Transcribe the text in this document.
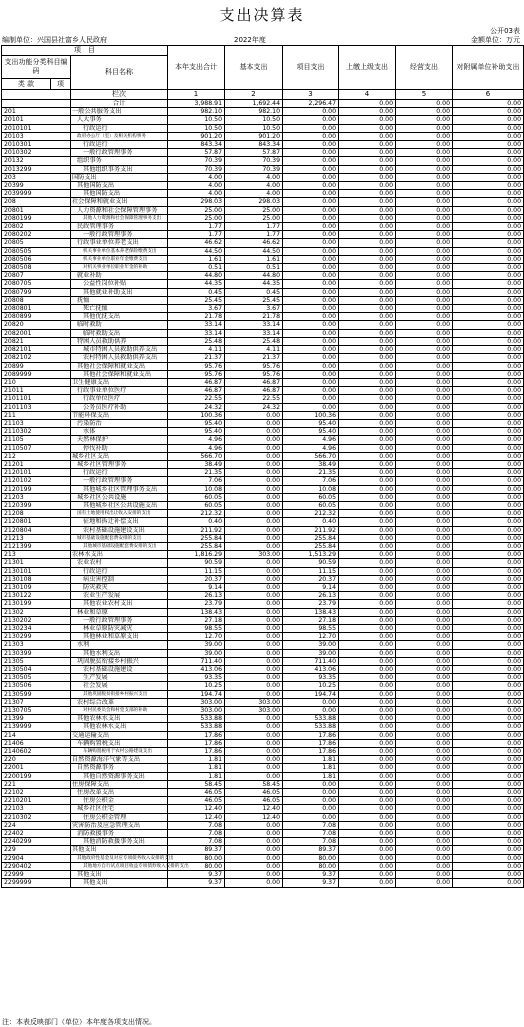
支出决算表
公开03表
编制单位：兴国县社富乡人民政府	2022年度	金额单位：万元
项　目			本年支出合计	基本支出	项目支出	上缴上级支出	经营支出	对附属单位补助支出
支出功能分类科目编码		科目名称						
类 款	项							
		栏次	1	2	3	4	5	6
		合计	3,988.91	1,692.44	2,296.47	0.00	0.00	0.00
201		一般公共服务支出	982.10	982.10	0.00	0.00	0.00	0.00
20101		人大事务	10.50	10.50	0.00	0.00	0.00	0.00
2010101		行政运行	10.50	10.50	0.00	0.00	0.00	0.00
20103		政府办公厅（室）及相关机构事务	901.20	901.20	0.00	0.00	0.00	0.00
2010301		行政运行	843.34	843.34	0.00	0.00	0.00	0.00
2010302		一般行政管理事务	57.87	57.87	0.00	0.00	0.00	0.00
20132		组织事务	70.39	70.39	0.00	0.00	0.00	0.00
2013299		其他组织事务支出	70.39	70.39	0.00	0.00	0.00	0.00
203		国防支出	4.00	4.00	0.00	0.00	0.00	0.00
20399		其他国防支出	4.00	4.00	0.00	0.00	0.00	0.00
2039999		其他国防支出	4.00	4.00	0.00	0.00	0.00	0.00
208		社会保障和就业支出	298.03	298.03	0.00	0.00	0.00	0.00
20801		人力资源和社会保障管理事务	25.00	25.00	0.00	0.00	0.00	0.00
2080199		其他人力资源和社会保障管理事务支出	25.00	25.00	0.00	0.00	0.00	0.00
20802		民政管理事务	1.77	1.77	0.00	0.00	0.00	0.00
2080202		一般行政管理事务	1.77	1.77	0.00	0.00	0.00	0.00
20805		行政事业单位养老支出	46.62	46.62	0.00	0.00	0.00	0.00
2080505		机关事业单位基本养老保险缴费支出	44.50	44.50	0.00	0.00	0.00	0.00
2080506		机关事业单位职业年金缴费支出	1.61	1.61	0.00	0.00	0.00	0.00
2080508		对机关事业单位职业年金的补助	0.51	0.51	0.00	0.00	0.00	0.00
20807		就业补助	44.80	44.80	0.00	0.00	0.00	0.00
2080705		公益性岗位补贴	44.35	44.35	0.00	0.00	0.00	0.00
2080799		其他就业补助支出	0.45	0.45	0.00	0.00	0.00	0.00
20808		抚恤	25.45	25.45	0.00	0.00	0.00	0.00
2080801		死亡抚恤	3.67	3.67	0.00	0.00	0.00	0.00
2080899		其他优抚支出	21.78	21.78	0.00	0.00	0.00	0.00
20820		临时救助	33.14	33.14	0.00	0.00	0.00	0.00
2082001		临时救助支出	33.14	33.14	0.00	0.00	0.00	0.00
20821		特困人员救助供养	25.48	25.48	0.00	0.00	0.00	0.00
2082101		城市特困人员救助供养支出	4.11	4.11	0.00	0.00	0.00	0.00
2082102		农村特困人员救助供养支出	21.37	21.37	0.00	0.00	0.00	0.00
20899		其他社会保障和就业支出	95.76	95.76	0.00	0.00	0.00	0.00
2089999		其他社会保障和就业支出	95.76	95.76	0.00	0.00	0.00	0.00
210		卫生健康支出	46.87	46.87	0.00	0.00	0.00	0.00
21011		行政事业单位医疗	46.87	46.87	0.00	0.00	0.00	0.00
2101101		行政单位医疗	22.55	22.55	0.00	0.00	0.00	0.00
2101103		公务员医疗补助	24.32	24.32	0.00	0.00	0.00	0.00
211		节能环保支出	100.36	0.00	100.36	0.00	0.00	0.00
21103		污染防治	95.40	0.00	95.40	0.00	0.00	0.00
2110302		水体	95.40	0.00	95.40	0.00	0.00	0.00
21105		天然林保护	4.96	0.00	4.96	0.00	0.00	0.00
2110507		停伐补助	4.96	0.00	4.96	0.00	0.00	0.00
212		城乡社区支出	566.70	0.00	566.70	0.00	0.00	0.00
21201		城乡社区管理事务	38.49	0.00	38.49	0.00	0.00	0.00
2120101		行政运行	21.35	0.00	21.35	0.00	0.00	0.00
2120102		一般行政管理事务	7.06	0.00	7.06	0.00	0.00	0.00
2120199		其他城乡社区管理事务支出	10.08	0.00	10.08	0.00	0.00	0.00
21203		城乡社区公共设施	60.05	0.00	60.05	0.00	0.00	0.00
2120399		其他城乡社区公共设施支出	60.05	0.00	60.05	0.00	0.00	0.00
21208		国有土地使用权出让收入安排的支出	212.32	0.00	212.32	0.00	0.00	0.00
2120801		征地和拆迁补偿支出	0.40	0.00	0.40	0.00	0.00	0.00
2120804		农村基础设施建设支出	211.92	0.00	211.92	0.00	0.00	0.00
21213		城市基础设施配套费安排的支出	255.84	0.00	255.84	0.00	0.00	0.00
2121399		其他城市基础设施配套费安排的支出	255.84	0.00	255.84	0.00	0.00	0.00
213		农林水支出	1,816.29	303.00	1,513.29	0.00	0.00	0.00
21301		农业农村	90.59	0.00	90.59	0.00	0.00	0.00
2130101		行政运行	11.15	0.00	11.15	0.00	0.00	0.00
2130108		病虫害控制	20.37	0.00	20.37	0.00	0.00	0.00
2130109		防灾救灾	9.14	0.00	9.14	0.00	0.00	0.00
2130122		农业生产发展	26.13	0.00	26.13	0.00	0.00	0.00
2130199		其他农业农村支出	23.79	0.00	23.79	0.00	0.00	0.00
21302		林业和草原	138.43	0.00	138.43	0.00	0.00	0.00
2130202		一般行政管理事务	27.18	0.00	27.18	0.00	0.00	0.00
2130234		林业草原防灾减灾	98.55	0.00	98.55	0.00	0.00	0.00
2130299		其他林业和草原支出	12.70	0.00	12.70	0.00	0.00	0.00
21303		水利	39.00	0.00	39.00	0.00	0.00	0.00
2130399		其他水利支出	39.00	0.00	39.00	0.00	0.00	0.00
21305		巩固脱贫衔接乡村振兴	711.40	0.00	711.40	0.00	0.00	0.00
2130504		农村基础设施建设	413.06	0.00	413.06	0.00	0.00	0.00
2130505		生产发展	93.35	0.00	93.35	0.00	0.00	0.00
2130506		社会发展	10.25	0.00	10.25	0.00	0.00	0.00
2130599		其他巩固脱贫衔接乡村振兴支出	194.74	0.00	194.74	0.00	0.00	0.00
21307		农村综合改革	303.00	303.00	0.00	0.00	0.00	0.00
2130705		对村民委员会和村党支部的补助	303.00	303.00	0.00	0.00	0.00	0.00
21399		其他农林水支出	533.88	0.00	533.88	0.00	0.00	0.00
2139999		其他农林水支出	533.88	0.00	533.88	0.00	0.00	0.00
214		交通运输支出	17.86	0.00	17.86	0.00	0.00	0.00
21406		车辆购置税支出	17.86	0.00	17.86	0.00	0.00	0.00
2140602		车辆购置税用于农村公路建设支出	17.86	0.00	17.86	0.00	0.00	0.00
220		自然资源海洋气象等支出	1.81	0.00	1.81	0.00	0.00	0.00
22001		自然资源事务	1.81	0.00	1.81	0.00	0.00	0.00
2200199		其他自然资源事务支出	1.81	0.00	1.81	0.00	0.00	0.00
221		住房保障支出	58.45	58.45	0.00	0.00	0.00	0.00
22102		住房改革支出	46.05	46.05	0.00	0.00	0.00	0.00
2210201		住房公积金	46.05	46.05	0.00	0.00	0.00	0.00
22103		城乡社区住宅	12.40	12.40	0.00	0.00	0.00	0.00
2210302		住房公积金管理	12.40	12.40	0.00	0.00	0.00	0.00
224		灾害防治及应急管理支出	7.08	0.00	7.08	0.00	0.00	0.00
22402		消防救援事务	7.08	0.00	7.08	0.00	0.00	0.00
2240299		其他消防救援事务支出	7.08	0.00	7.08	0.00	0.00	0.00
229		其他支出	89.37	0.00	89.37	0.00	0.00	0.00
22904		其他政府性基金及对应专项债务收入安排的支出	80.00	0.00	80.00	0.00	0.00	0.00
2290402		其他地方自行试点项目收益专项债券收入安排的支出	80.00	0.00	80.00	0.00	0.00	0.00
22999		其他支出	9.37	0.00	9.37	0.00	0.00	0.00
2299999		其他支出	9.37	0.00	9.37	0.00	0.00	0.00
注：本表反映部门（单位）本年度各项支出情况。
